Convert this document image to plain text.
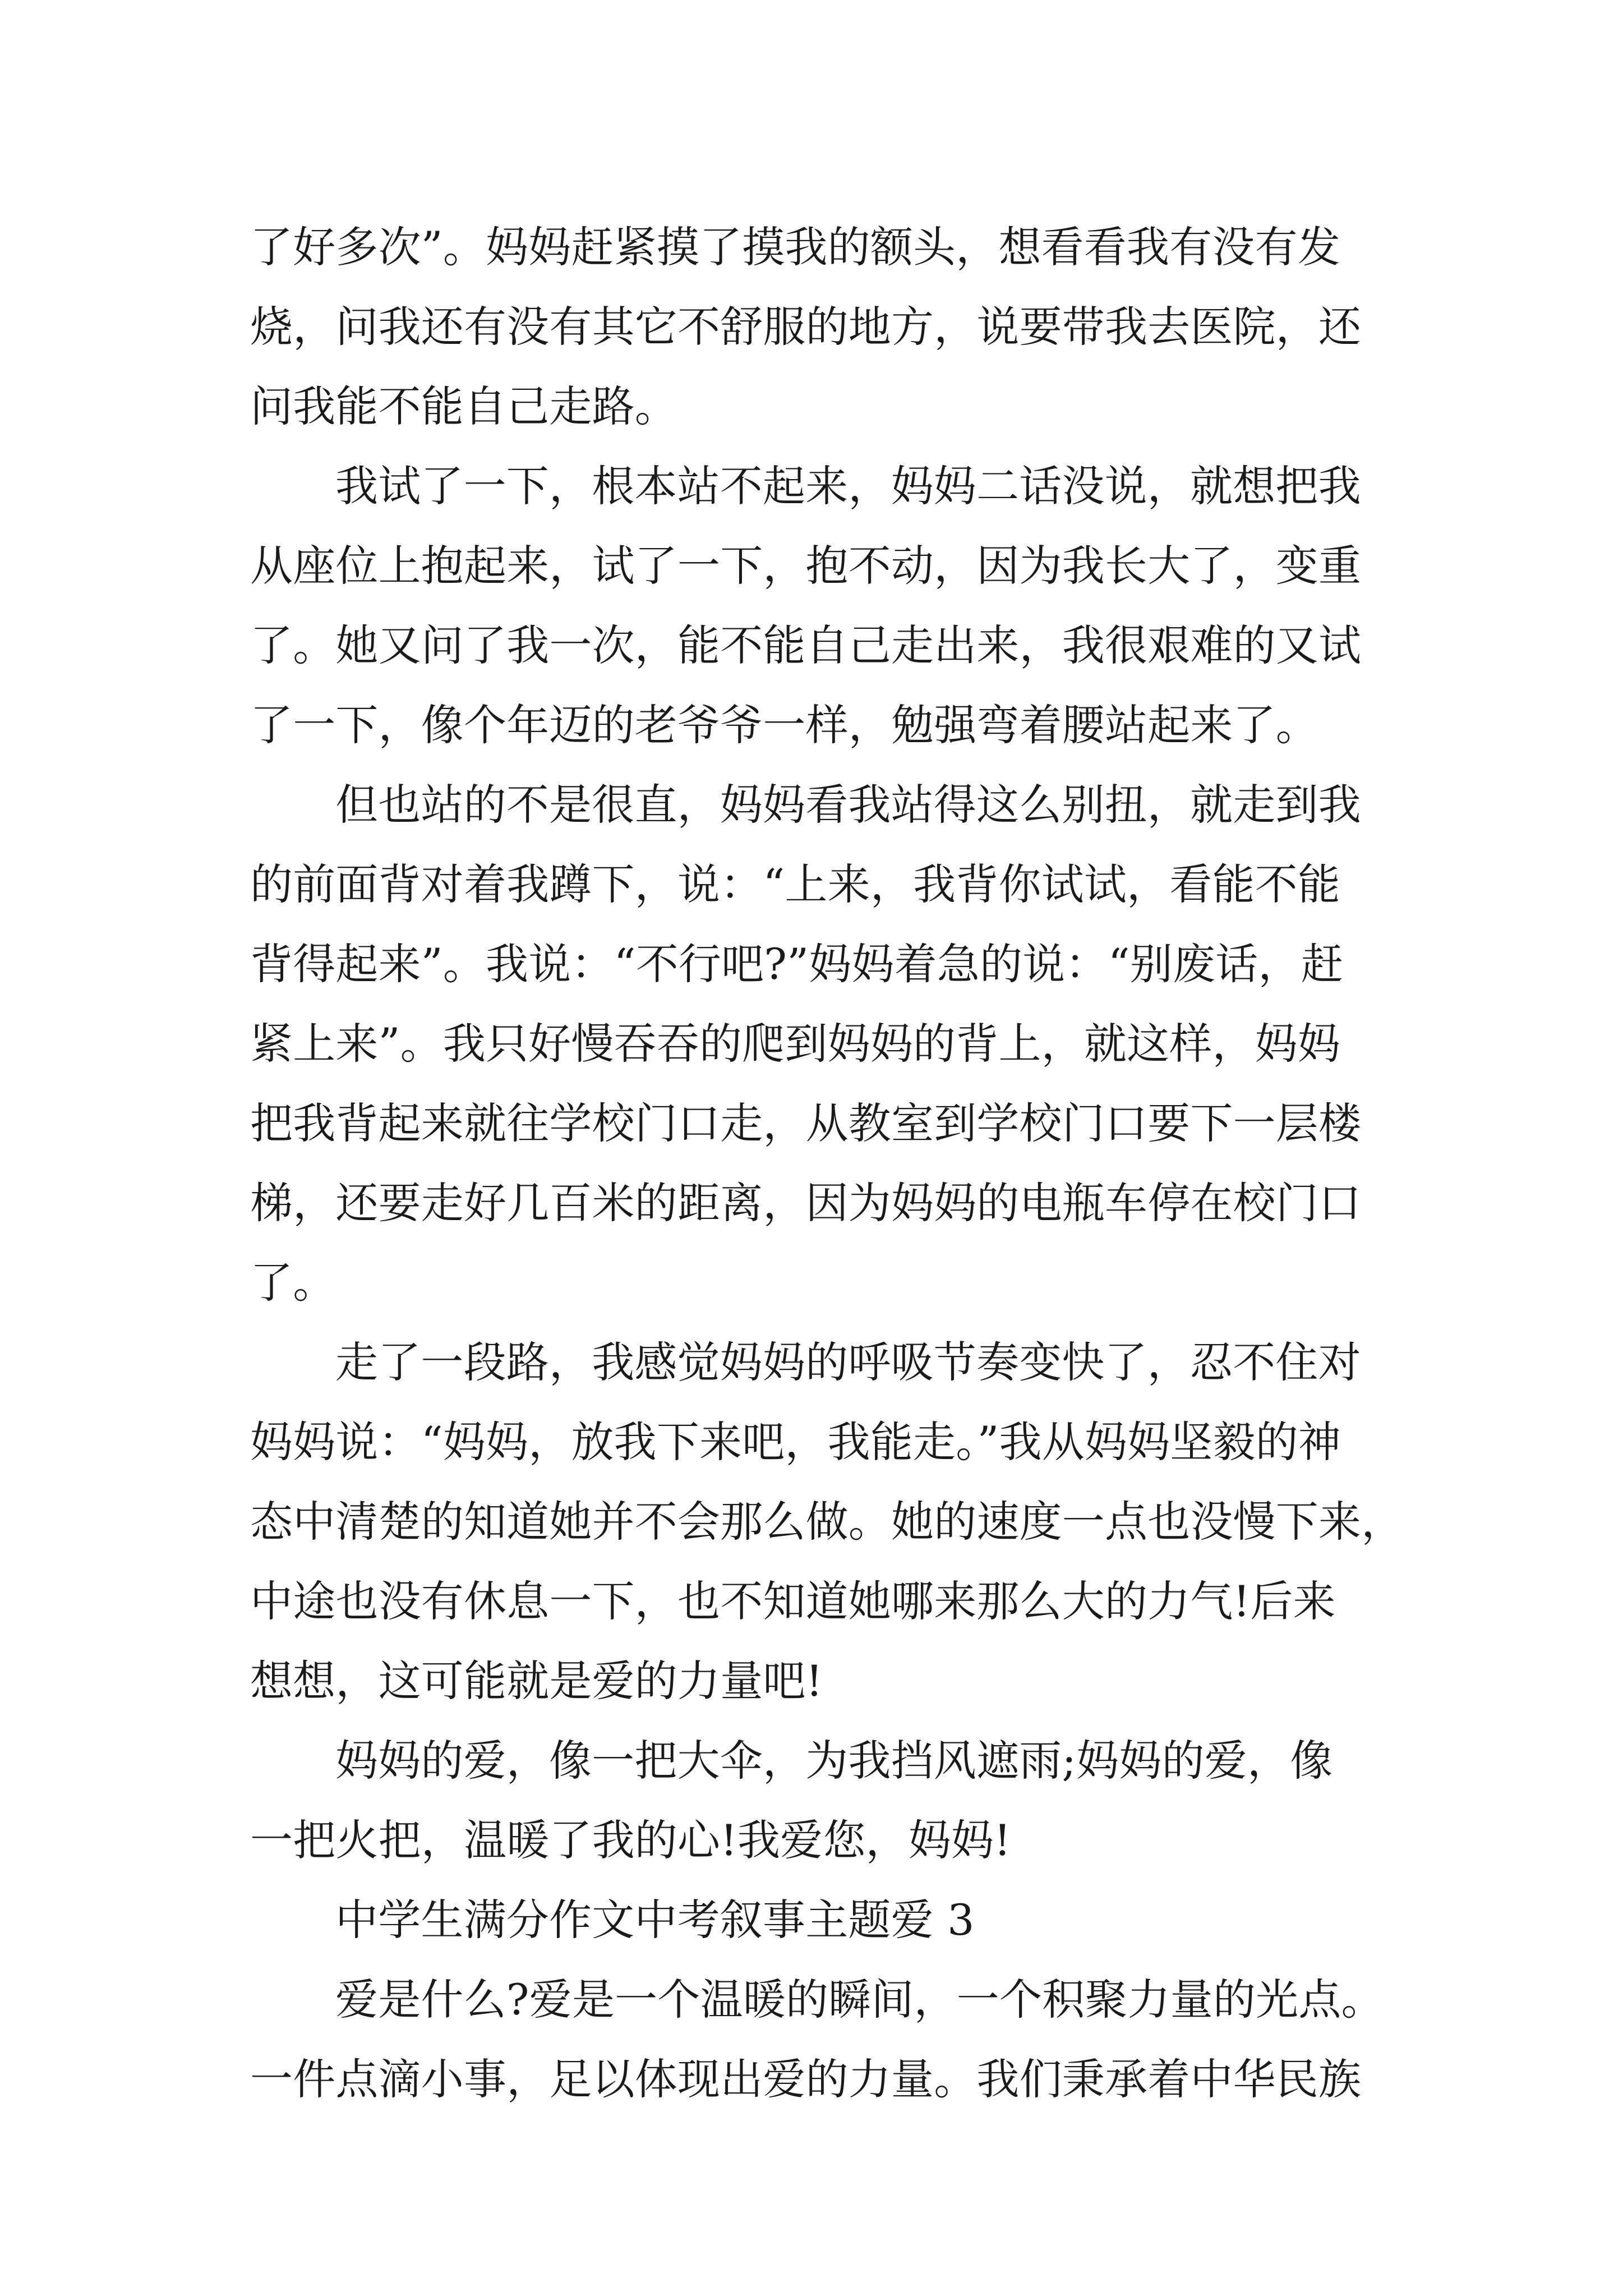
了好多次”。妈妈赶紧摸了摸我的额头，想看看我有没有发
烧，问我还有没有其它不舒服的地方，说要带我去医院，还
问我能不能自己走路。
我试了一下，根本站不起来，妈妈二话没说，就想把我
从座位上抱起来，试了一下，抱不动，因为我长大了，变重
了。她又问了我一次，能不能自己走出来，我很艰难的又试
了一下，像个年迈的老爷爷一样，勉强弯着腰站起来了。
但也站的不是很直，妈妈看我站得这么别扭，就走到我
的前面背对着我蹲下，说：“上来，我背你试试，看能不能
背得起来”。我说：“不行吧?”妈妈着急的说：“别废话，赶
紧上来”。我只好慢吞吞的爬到妈妈的背上，就这样，妈妈
把我背起来就往学校门口走，从教室到学校门口要下一层楼
梯，还要走好几百米的距离，因为妈妈的电瓶车停在校门口
了。
走了一段路，我感觉妈妈的呼吸节奏变快了，忍不住对
妈妈说：“妈妈，放我下来吧，我能走。”我从妈妈坚毅的神
态中清楚的知道她并不会那么做。她的速度一点也没慢下来，
中途也没有休息一下，也不知道她哪来那么大的力气!后来
想想，这可能就是爱的力量吧!
妈妈的爱，像一把大伞，为我挡风遮雨;妈妈的爱，像
一把火把，温暖了我的心!我爱您，妈妈!
中学生满分作文中考叙事主题爱 3
爱是什么?爱是一个温暖的瞬间，一个积聚力量的光点。
一件点滴小事，足以体现出爱的力量。我们秉承着中华民族
